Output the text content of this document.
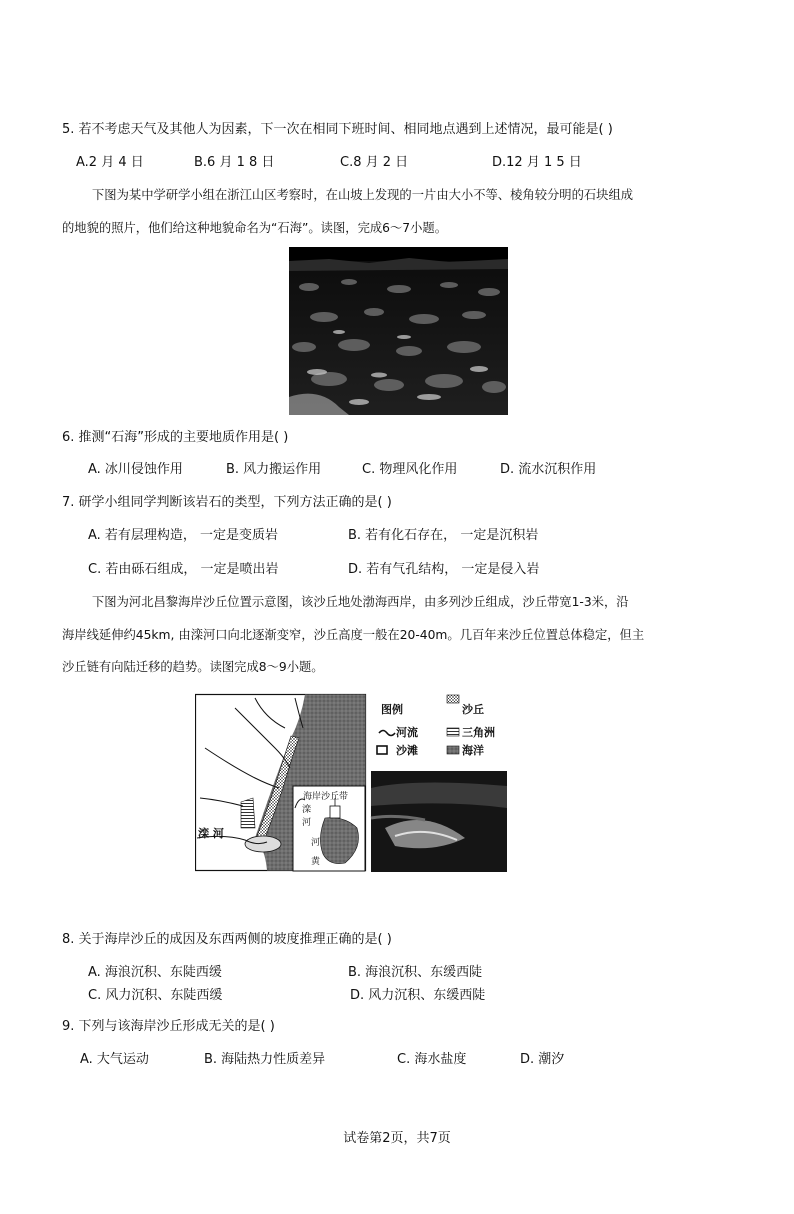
5. 若不考虑天气及其他人为因素，下一次在相同下班时间、相同地点遇到上述情况，最可能是( )
A.2 月 4 日	B.6 月 1 8 日	C.8 月 2 日	D.12 月 1 5 日
下图为某中学研学小组在浙江山区考察时，在山坡上发现的一片由大小不等、棱角较分明的石块组成
的地貌的照片，他们给这种地貌命名为“石海”。读图，完成6～7小题。
6. 推测“石海”形成的主要地质作用是( )
A. 冰川侵蚀作用	B. 风力搬运作用	C. 物理风化作用	D. 流水沉积作用
7. 研学小组同学判断该岩石的类型，下列方法正确的是( )
A. 若有层理构造， 一定是变质岩	B. 若有化石存在， 一定是沉积岩
C. 若由砾石组成， 一定是喷出岩	D. 若有气孔结构， 一定是侵入岩
下图为河北昌黎海岸沙丘位置示意图，该沙丘地处渤海西岸，由多列沙丘组成，沙丘带宽1-3米，沿
海岸线延伸约45km, 由滦河口向北逐渐变窄，沙丘高度一般在20-40m。几百年来沙丘位置总体稳定，但主
沙丘链有向陆迁移的趋势。读图完成8～9小题。
图例	沙丘
河流	三角洲
沙滩	海洋
滦 河
海岸沙丘带
滦
河
河
黄
8. 关于海岸沙丘的成因及东西两侧的坡度推理正确的是( )
A. 海浪沉积、东陡西缓	B. 海浪沉积、东缓西陡
C. 风力沉积、东陡西缓	D. 风力沉积、东缓西陡
9. 下列与该海岸沙丘形成无关的是( )
A. 大气运动	B. 海陆热力性质差异	C. 海水盐度	D. 潮汐
试卷第2页，共7页
